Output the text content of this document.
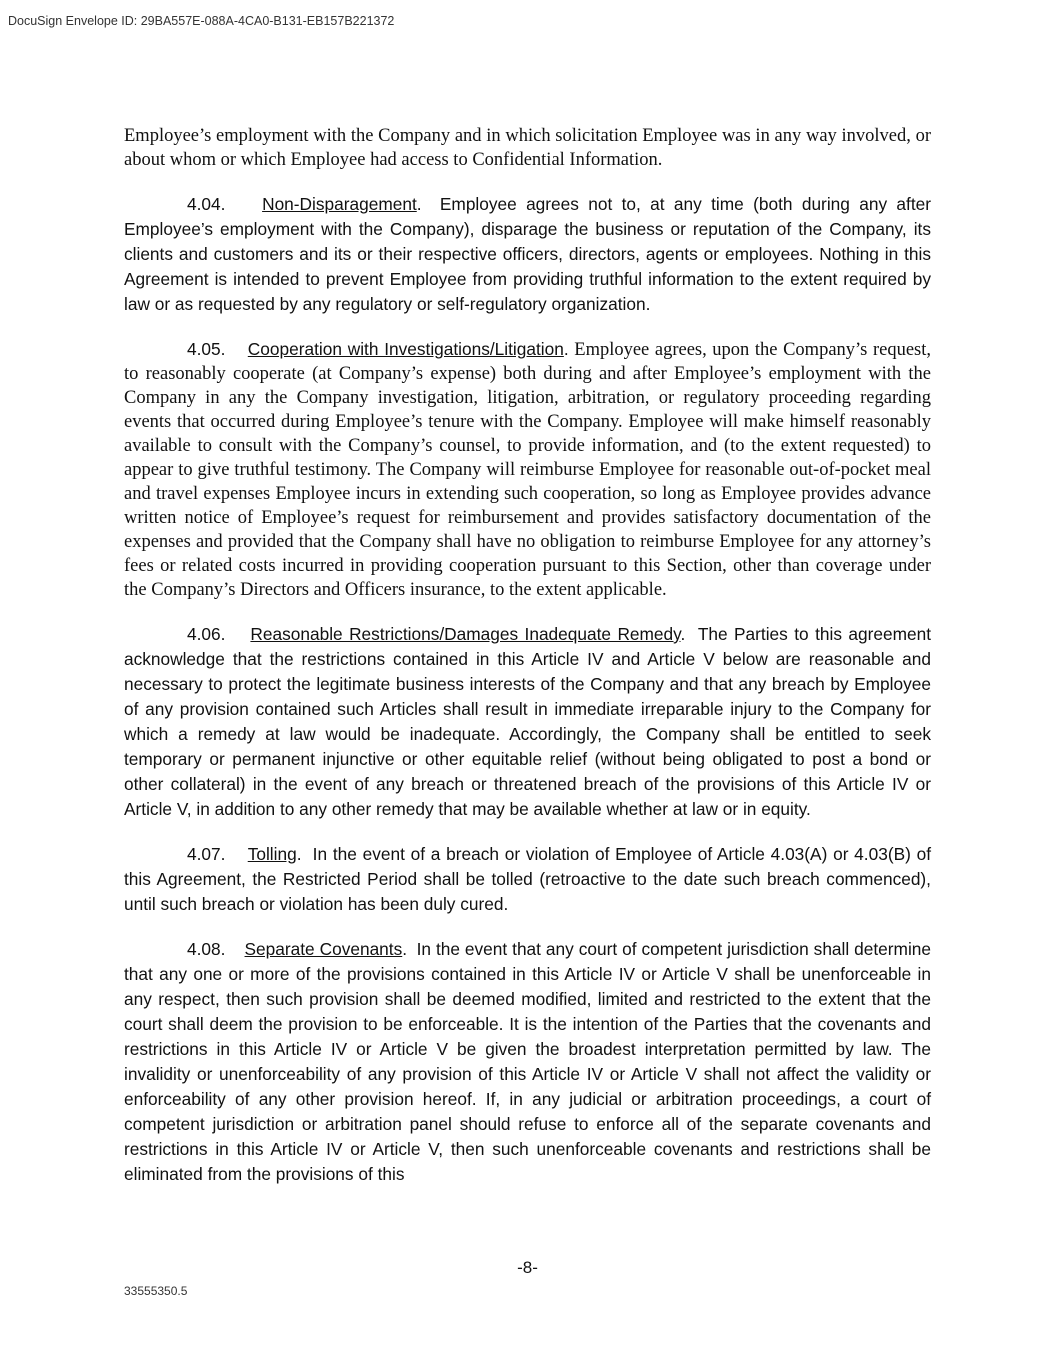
DocuSign Envelope ID: 29BA557E-088A-4CA0-B131-EB157B221372

Employee’s employment with the Company and in which solicitation Employee was in any way involved, or about whom or which Employee had access to Confidential Information.

4.04. Non-Disparagement. Employee agrees not to, at any time (both during any after Employee’s employment with the Company), disparage the business or reputation of the Company, its clients and customers and its or their respective officers, directors, agents or employees. Nothing in this Agreement is intended to prevent Employee from providing truthful information to the extent required by law or as requested by any regulatory or self-regulatory organization.

4.05. Cooperation with Investigations/Litigation. Employee agrees, upon the Company’s request, to reasonably cooperate (at Company’s expense) both during and after Employee’s employment with the Company in any the Company investigation, litigation, arbitration, or regulatory proceeding regarding events that occurred during Employee’s tenure with the Company. Employee will make himself reasonably available to consult with the Company’s counsel, to provide information, and (to the extent requested) to appear to give truthful testimony. The Company will reimburse Employee for reasonable out-of-pocket meal and travel expenses Employee incurs in extending such cooperation, so long as Employee provides advance written notice of Employee’s request for reimbursement and provides satisfactory documentation of the expenses and provided that the Company shall have no obligation to reimburse Employee for any attorney’s fees or related costs incurred in providing cooperation pursuant to this Section, other than coverage under the Company’s Directors and Officers insurance, to the extent applicable.

4.06. Reasonable Restrictions/Damages Inadequate Remedy. The Parties to this agreement acknowledge that the restrictions contained in this Article IV and Article V below are reasonable and necessary to protect the legitimate business interests of the Company and that any breach by Employee of any provision contained such Articles shall result in immediate irreparable injury to the Company for which a remedy at law would be inadequate. Accordingly, the Company shall be entitled to seek temporary or permanent injunctive or other equitable relief (without being obligated to post a bond or other collateral) in the event of any breach or threatened breach of the provisions of this Article IV or Article V, in addition to any other remedy that may be available whether at law or in equity.

4.07. Tolling. In the event of a breach or violation of Employee of Article 4.03(A) or 4.03(B) of this Agreement, the Restricted Period shall be tolled (retroactive to the date such breach commenced), until such breach or violation has been duly cured.

4.08. Separate Covenants. In the event that any court of competent jurisdiction shall determine that any one or more of the provisions contained in this Article IV or Article V shall be unenforceable in any respect, then such provision shall be deemed modified, limited and restricted to the extent that the court shall deem the provision to be enforceable. It is the intention of the Parties that the covenants and restrictions in this Article IV or Article V be given the broadest interpretation permitted by law. The invalidity or unenforceability of any provision of this Article IV or Article V shall not affect the validity or enforceability of any other provision hereof. If, in any judicial or arbitration proceedings, a court of competent jurisdiction or arbitration panel should refuse to enforce all of the separate covenants and restrictions in this Article IV or Article V, then such unenforceable covenants and restrictions shall be eliminated from the provisions of this

-8-
33555350.5
